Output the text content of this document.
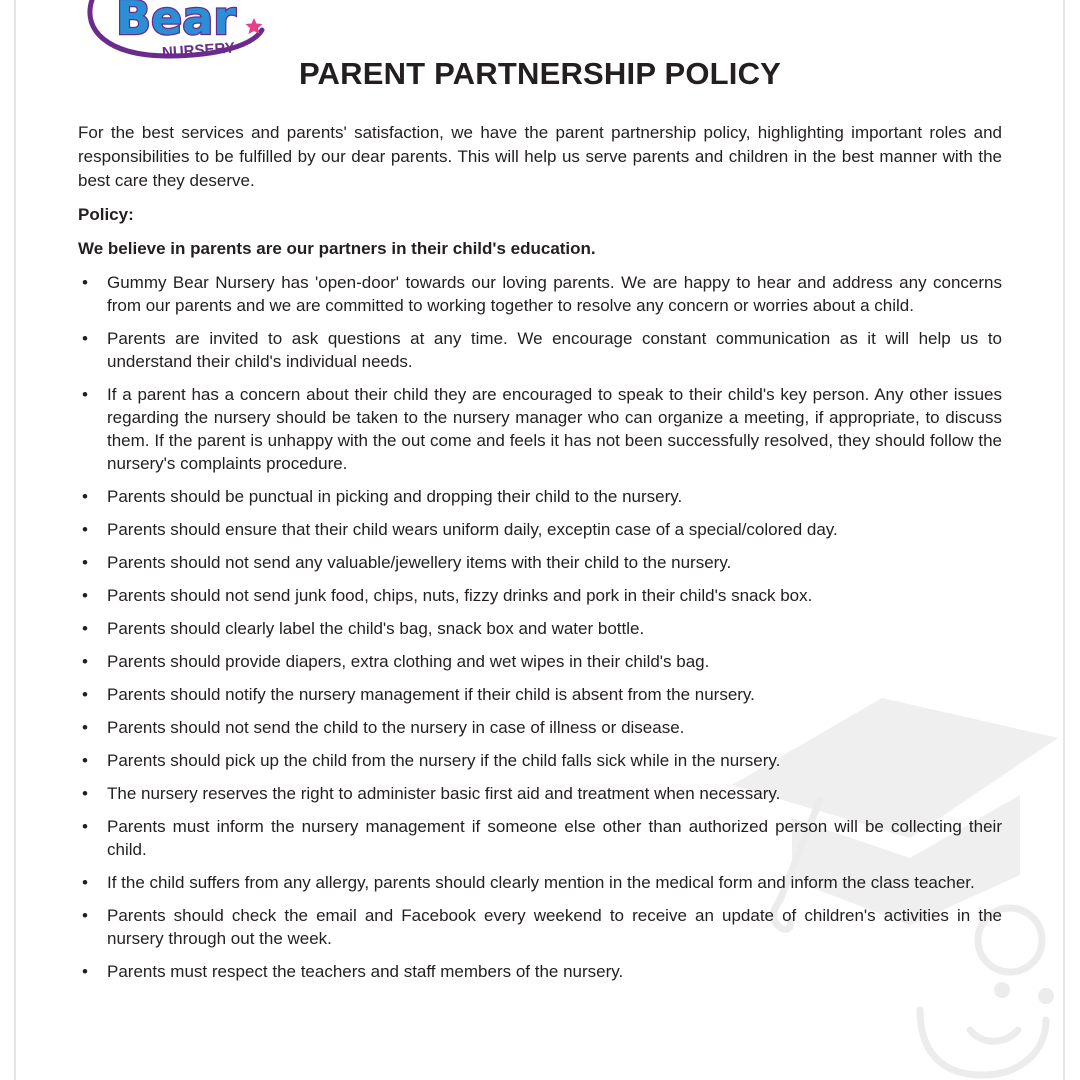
Bear
NURSERY
PARENT PARTNERSHIP POLICY

For the best services and parents' satisfaction, we have the parent partnership policy, highlighting important roles and responsibilities to be fulfilled by our dear parents. This will help us serve parents and children in the best manner with the best care they deserve.

Policy:

We believe in parents are our partners in their child's education.

• Gummy Bear Nursery has 'open-door' towards our loving parents. We are happy to hear and address any concerns from our parents and we are committed to working together to resolve any concern or worries about a child.
• Parents are invited to ask questions at any time. We encourage constant communication as it will help us to understand their child's individual needs.
• If a parent has a concern about their child they are encouraged to speak to their child's key person. Any other issues regarding the nursery should be taken to the nursery manager who can organize a meeting, if appropriate, to discuss them. If the parent is unhappy with the out come and feels it has not been successfully resolved, they should follow the nursery's complaints procedure.
• Parents should be punctual in picking and dropping their child to the nursery.
• Parents should ensure that their child wears uniform daily, exceptin case of a special/colored day.
• Parents should not send any valuable/jewellery items with their child to the nursery.
• Parents should not send junk food, chips, nuts, fizzy drinks and pork in their child's snack box.
• Parents should clearly label the child's bag, snack box and water bottle.
• Parents should provide diapers, extra clothing and wet wipes in their child's bag.
• Parents should notify the nursery management if their child is absent from the nursery.
• Parents should not send the child to the nursery in case of illness or disease.
• Parents should pick up the child from the nursery if the child falls sick while in the nursery.
• The nursery reserves the right to administer basic first aid and treatment when necessary.
• Parents must inform the nursery management if someone else other than authorized person will be collecting their child.
• If the child suffers from any allergy, parents should clearly mention in the medical form and inform the class teacher.
• Parents should check the email and Facebook every weekend to receive an update of children's activities in the nursery through out the week.
• Parents must respect the teachers and staff members of the nursery.
